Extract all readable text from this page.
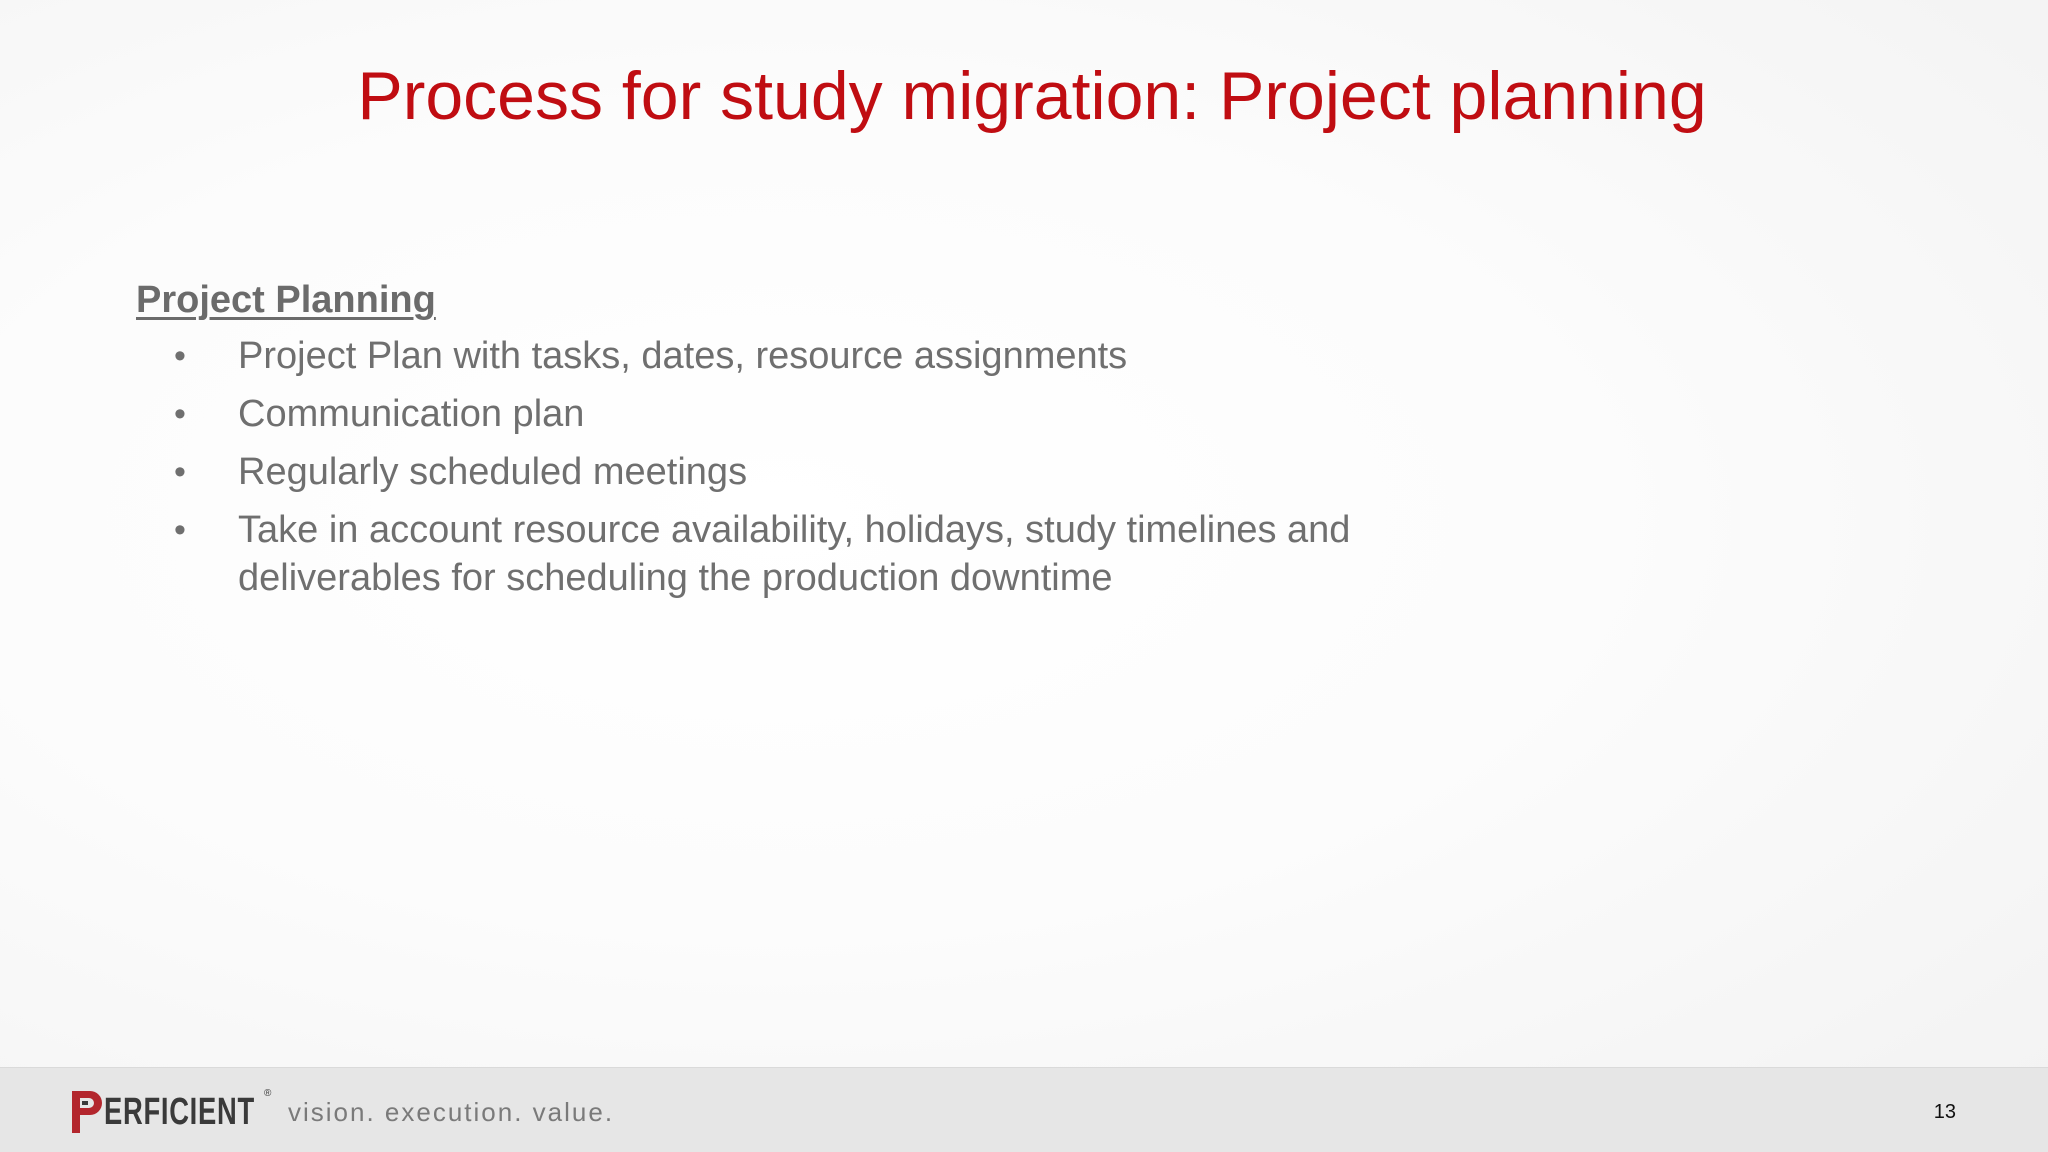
Process for study migration: Project planning
Project Planning
• Project Plan with tasks, dates, resource assignments
• Communication plan
• Regularly scheduled meetings
• Take in account resource availability, holidays, study timelines and deliverables for scheduling the production downtime
ERFICIENT ®
vision. execution. value.	13
